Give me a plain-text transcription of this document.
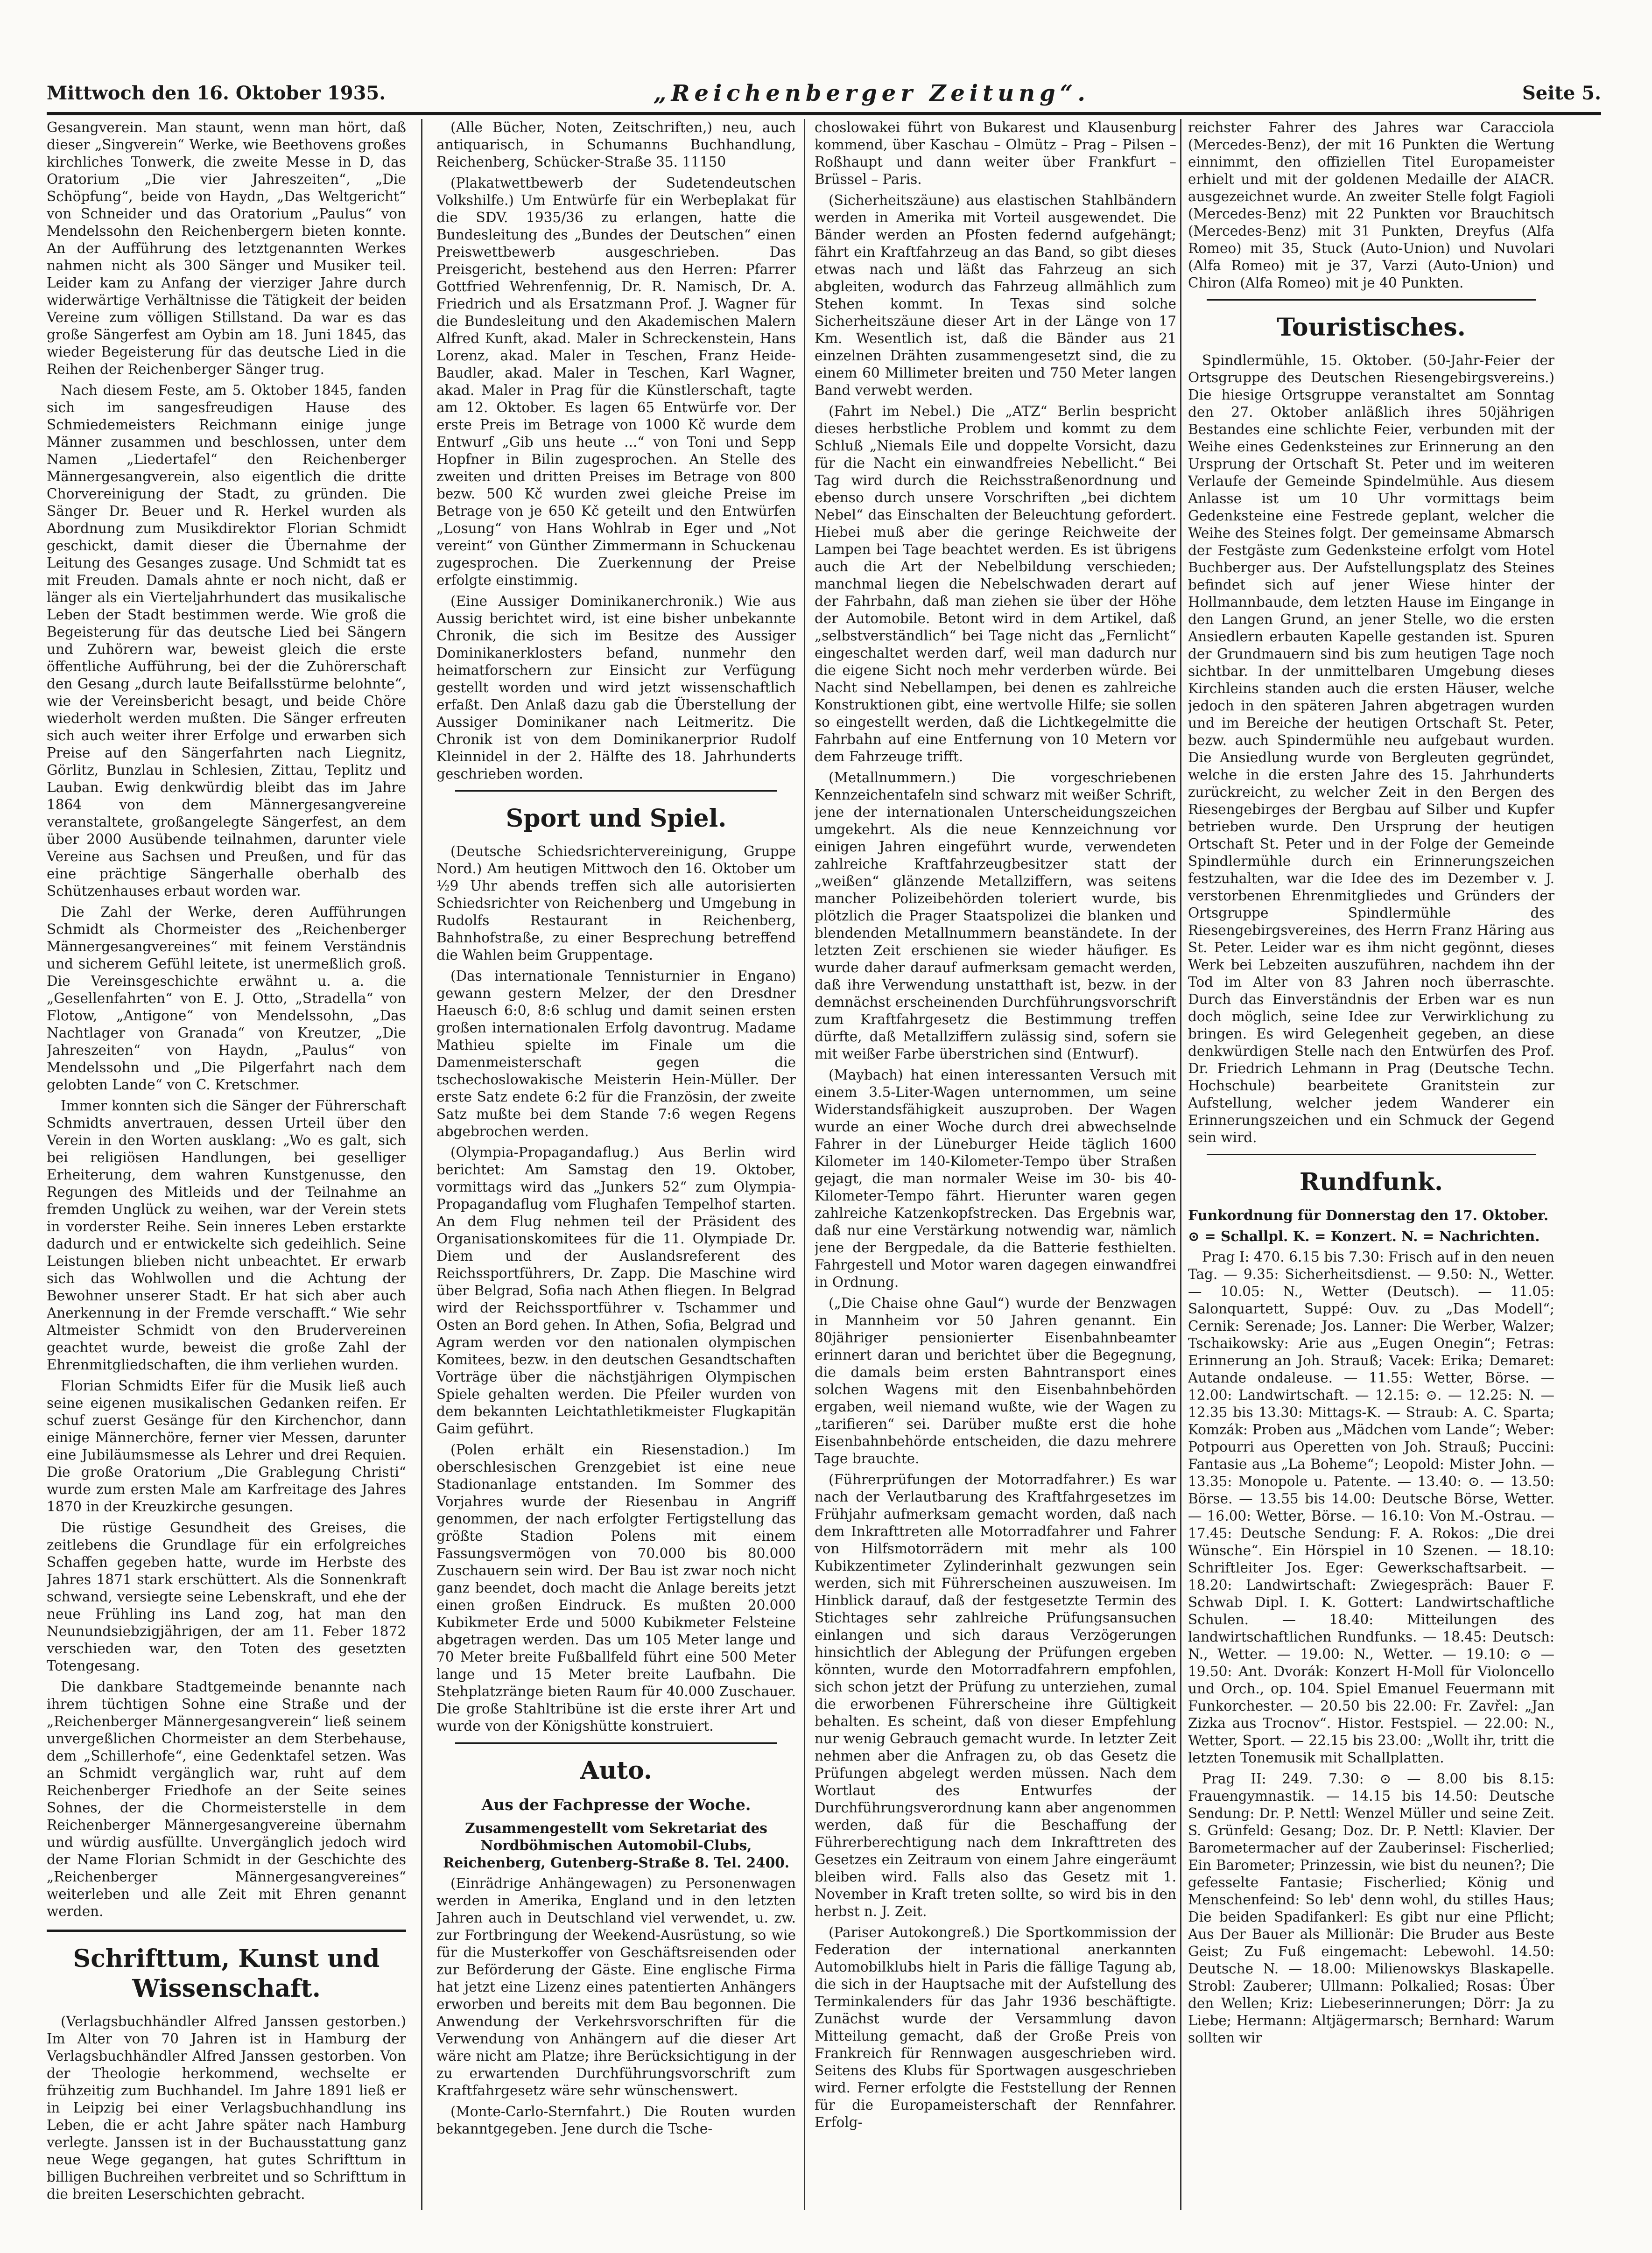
Mittwoch den 16. Oktober 1935.	„Reichenberger Zeitung“.	Seite 5.

Gesangverein. Man staunt, wenn man hört, daß dieser „Singverein“ Werke, wie Beethovens großes kirchliches Tonwerk, die zweite Messe in D, das Oratorium „Die vier Jahreszeiten“, „Die Schöpfung“, beide von Haydn, „Das Weltgericht“ von Schneider und das Oratorium „Paulus“ von Mendelssohn den Reichenbergern bieten konnte. An der Aufführung des letztgenannten Werkes nahmen nicht als 300 Sänger und Musiker teil. Leider kam zu Anfang der vierziger Jahre durch widerwärtige Verhältnisse die Tätigkeit der beiden Vereine zum völligen Stillstand. Da war es das große Sängerfest am Oybin am 18. Juni 1845, das wieder Begeisterung für das deutsche Lied in die Reihen der Reichenberger Sänger trug.

Nach diesem Feste, am 5. Oktober 1845, fanden sich im sangesfreudigen Hause des Schmiedemeisters Reichmann einige junge Männer zusammen und beschlossen, unter dem Namen „Liedertafel“ den Reichenberger Männergesangverein, also eigentlich die dritte Chorvereinigung der Stadt, zu gründen. Die Sänger Dr. Beuer und R. Herkel wurden als Abordnung zum Musikdirektor Florian Schmidt geschickt, damit dieser die Übernahme der Leitung des Gesanges zusage. Und Schmidt tat es mit Freuden. Damals ahnte er noch nicht, daß er länger als ein Vierteljahrhundert das musikalische Leben der Stadt bestimmen werde. Wie groß die Begeisterung für das deutsche Lied bei Sängern und Zuhörern war, beweist gleich die erste öffentliche Aufführung, bei der die Zuhörerschaft den Gesang „durch laute Beifallsstürme belohnte“, wie der Vereinsbericht besagt, und beide Chöre wiederholt werden mußten. Die Sänger erfreuten sich auch weiter ihrer Erfolge und erwarben sich Preise auf den Sängerfahrten nach Liegnitz, Görlitz, Bunzlau in Schlesien, Zittau, Teplitz und Lauban. Ewig denkwürdig bleibt das im Jahre 1864 von dem Männergesangvereine veranstaltete, großangelegte Sängerfest, an dem über 2000 Ausübende teilnahmen, darunter viele Vereine aus Sachsen und Preußen, und für das eine prächtige Sängerhalle oberhalb des Schützenhauses erbaut worden war.

Die Zahl der Werke, deren Aufführungen Schmidt als Chormeister des „Reichenberger Männergesangvereines“ mit feinem Verständnis und sicherem Gefühl leitete, ist unermeßlich groß. Die Vereinsgeschichte erwähnt u. a. die „Gesellenfahrten“ von E. J. Otto, „Stradella“ von Flotow, „Antigone“ von Mendelssohn, „Das Nachtlager von Granada“ von Kreutzer, „Die Jahreszeiten“ von Haydn, „Paulus“ von Mendelssohn und „Die Pilgerfahrt nach dem gelobten Lande“ von C. Kretschmer.

Immer konnten sich die Sänger der Führerschaft Schmidts anvertrauen, dessen Urteil über den Verein in den Worten ausklang: „Wo es galt, sich bei religiösen Handlungen, bei geselliger Erheiterung, dem wahren Kunstgenusse, den Regungen des Mitleids und der Teilnahme an fremden Unglück zu weihen, war der Verein stets in vorderster Reihe. Sein inneres Leben erstarkte dadurch und er entwickelte sich gedeihlich. Seine Leistungen blieben nicht unbeachtet. Er erwarb sich das Wohlwollen und die Achtung der Bewohner unserer Stadt. Er hat sich aber auch Anerkennung in der Fremde verschafft.“ Wie sehr Altmeister Schmidt von den Brudervereinen geachtet wurde, beweist die große Zahl der Ehrenmitgliedschaften, die ihm verliehen wurden.

Florian Schmidts Eifer für die Musik ließ auch seine eigenen musikalischen Gedanken reifen. Er schuf zuerst Gesänge für den Kirchenchor, dann einige Männerchöre, ferner vier Messen, darunter eine Jubiläumsmesse als Lehrer und drei Requien. Die große Oratorium „Die Grablegung Christi“ wurde zum ersten Male am Karfreitage des Jahres 1870 in der Kreuzkirche gesungen.

Die rüstige Gesundheit des Greises, die zeitlebens die Grundlage für ein erfolgreiches Schaffen gegeben hatte, wurde im Herbste des Jahres 1871 stark erschüttert. Als die Sonnenkraft schwand, versiegte seine Lebenskraft, und ehe der neue Frühling ins Land zog, hat man den Neunundsiebzigjährigen, der am 11. Feber 1872 verschieden war, den Toten des gesetzten Totengesang.

Die dankbare Stadtgemeinde benannte nach ihrem tüchtigen Sohne eine Straße und der „Reichenberger Männergesangverein“ ließ seinem unvergeßlichen Chormeister an dem Sterbehause, dem „Schillerhofe“, eine Gedenktafel setzen. Was an Schmidt vergänglich war, ruht auf dem Reichenberger Friedhofe an der Seite seines Sohnes, der die Chormeisterstelle in dem Reichenberger Männergesangvereine übernahm und würdig ausfüllte. Unvergänglich jedoch wird der Name Florian Schmidt in der Geschichte des „Reichenberger Männergesangvereines“ weiterleben und alle Zeit mit Ehren genannt werden.

Schrifttum, Kunst und Wissenschaft.

(Verlagsbuchhändler Alfred Janssen gestorben.) Im Alter von 70 Jahren ist in Hamburg der Verlagsbuchhändler Alfred Janssen gestorben. Von der Theologie herkommend, wechselte er frühzeitig zum Buchhandel. Im Jahre 1891 ließ er in Leipzig bei einer Verlagsbuchhandlung ins Leben, die er acht Jahre später nach Hamburg verlegte. Janssen ist in der Buchausstattung ganz neue Wege gegangen, hat gutes Schrifttum in billigen Buchreihen verbreitet und so Schrifttum in die breiten Leserschichten gebracht.

(Alle Bücher, Noten, Zeitschriften,) neu, auch antiquarisch, in Schumanns Buchhandlung, Reichenberg, Schücker-Straße 35. 11150

(Plakatwettbewerb der Sudetendeutschen Volkshilfe.) Um Entwürfe für ein Werbeplakat für die SDV. 1935/36 zu erlangen, hatte die Bundesleitung des „Bundes der Deutschen“ einen Preiswettbewerb ausgeschrieben. Das Preisgericht, bestehend aus den Herren: Pfarrer Gottfried Wehrenfennig, Dr. R. Namisch, Dr. A. Friedrich und als Ersatzmann Prof. J. Wagner für die Bundesleitung und den Akademischen Malern Alfred Kunft, akad. Maler in Schreckenstein, Hans Lorenz, akad. Maler in Teschen, Franz Heide-Baudler, akad. Maler in Teschen, Karl Wagner, akad. Maler in Prag für die Künstlerschaft, tagte am 12. Oktober. Es lagen 65 Entwürfe vor. Der erste Preis im Betrage von 1000 Kč wurde dem Entwurf „Gib uns heute ...“ von Toni und Sepp Hopfner in Bilin zugesprochen. An Stelle des zweiten und dritten Preises im Betrage von 800 bezw. 500 Kč wurden zwei gleiche Preise im Betrage von je 650 Kč geteilt und den Entwürfen „Losung“ von Hans Wohlrab in Eger und „Not vereint“ von Günther Zimmermann in Schuckenau zugesprochen. Die Zuerkennung der Preise erfolgte einstimmig.

(Eine Aussiger Dominikanerchronik.) Wie aus Aussig berichtet wird, ist eine bisher unbekannte Chronik, die sich im Besitze des Aussiger Dominikanerklosters befand, nunmehr den heimatforschern zur Einsicht zur Verfügung gestellt worden und wird jetzt wissenschaftlich erfaßt. Den Anlaß dazu gab die Überstellung der Aussiger Dominikaner nach Leitmeritz. Die Chronik ist von dem Dominikanerprior Rudolf Kleinnidel in der 2. Hälfte des 18. Jahrhunderts geschrieben worden.

Sport und Spiel.

(Deutsche Schiedsrichtervereinigung, Gruppe Nord.) Am heutigen Mittwoch den 16. Oktober um ½9 Uhr abends treffen sich alle autorisierten Schiedsrichter von Reichenberg und Umgebung in Rudolfs Restaurant in Reichenberg, Bahnhofstraße, zu einer Besprechung betreffend die Wahlen beim Gruppentage.

(Das internationale Tennisturnier in Engano) gewann gestern Melzer, der den Dresdner Haeusch 6:0, 8:6 schlug und damit seinen ersten großen internationalen Erfolg davontrug. Madame Mathieu spielte im Finale um die Damenmeisterschaft gegen die tschechoslowakische Meisterin Hein-Müller. Der erste Satz endete 6:2 für die Französin, der zweite Satz mußte bei dem Stande 7:6 wegen Regens abgebrochen werden.

(Olympia-Propagandaflug.) Aus Berlin wird berichtet: Am Samstag den 19. Oktober, vormittags wird das „Junkers 52“ zum Olympia-Propagandaflug vom Flughafen Tempelhof starten. An dem Flug nehmen teil der Präsident des Organisationskomitees für die 11. Olympiade Dr. Diem und der Auslandsreferent des Reichssportführers, Dr. Zapp. Die Maschine wird über Belgrad, Sofia nach Athen fliegen. In Belgrad wird der Reichssportführer v. Tschammer und Osten an Bord gehen. In Athen, Sofia, Belgrad und Agram werden vor den nationalen olympischen Komitees, bezw. in den deutschen Gesandtschaften Vorträge über die nächstjährigen Olympischen Spiele gehalten werden. Die Pfeiler wurden von dem bekannten Leichtathletikmeister Flugkapitän Gaim geführt.

(Polen erhält ein Riesenstadion.) Im oberschlesischen Grenzgebiet ist eine neue Stadionanlage entstanden. Im Sommer des Vorjahres wurde der Riesenbau in Angriff genommen, der nach erfolgter Fertigstellung das größte Stadion Polens mit einem Fassungsvermögen von 70.000 bis 80.000 Zuschauern sein wird. Der Bau ist zwar noch nicht ganz beendet, doch macht die Anlage bereits jetzt einen großen Eindruck. Es mußten 20.000 Kubikmeter Erde und 5000 Kubikmeter Felsteine abgetragen werden. Das um 105 Meter lange und 70 Meter breite Fußballfeld führt eine 500 Meter lange und 15 Meter breite Laufbahn. Die Stehplatzränge bieten Raum für 40.000 Zuschauer. Die große Stahltribüne ist die erste ihrer Art und wurde von der Königshütte konstruiert.

Auto.
Aus der Fachpresse der Woche.

Zusammengestellt vom Sekretariat des Nordböhmischen Automobil-Clubs, Reichenberg, Gutenberg-Straße 8. Tel. 2400.

(Einrädrige Anhängewagen) zu Personenwagen werden in Amerika, England und in den letzten Jahren auch in Deutschland viel verwendet, u. zw. zur Fortbringung der Weekend-Ausrüstung, so wie für die Musterkoffer von Geschäftsreisenden oder zur Beförderung der Gäste. Eine englische Firma hat jetzt eine Lizenz eines patentierten Anhängers erworben und bereits mit dem Bau begonnen. Die Anwendung der Verkehrsvorschriften für die Verwendung von Anhängern auf die dieser Art wäre nicht am Platze; ihre Berücksichtigung in der zu erwartenden Durchführungsvorschrift zum Kraftfahrgesetz wäre sehr wünschenswert.

(Monte-Carlo-Sternfahrt.) Die Routen wurden bekanntgegeben. Jene durch die Tsche-

choslowakei führt von Bukarest und Klausenburg kommend, über Kaschau – Olmütz – Prag – Pilsen – Roßhaupt und dann weiter über Frankfurt – Brüssel – Paris.

(Sicherheitszäune) aus elastischen Stahlbändern werden in Amerika mit Vorteil ausgewendet. Die Bänder werden an Pfosten federnd aufgehängt; fährt ein Kraftfahrzeug an das Band, so gibt dieses etwas nach und läßt das Fahrzeug an sich abgleiten, wodurch das Fahrzeug allmählich zum Stehen kommt. In Texas sind solche Sicherheitszäune dieser Art in der Länge von 17 Km. Wesentlich ist, daß die Bänder aus 21 einzelnen Drähten zusammengesetzt sind, die zu einem 60 Millimeter breiten und 750 Meter langen Band verwebt werden.

(Fahrt im Nebel.) Die „ATZ“ Berlin bespricht dieses herbstliche Problem und kommt zu dem Schluß „Niemals Eile und doppelte Vorsicht, dazu für die Nacht ein einwandfreies Nebellicht.“ Bei Tag wird durch die Reichsstraßenordnung und ebenso durch unsere Vorschriften „bei dichtem Nebel“ das Einschalten der Beleuchtung gefordert. Hiebei muß aber die geringe Reichweite der Lampen bei Tage beachtet werden. Es ist übrigens auch die Art der Nebelbildung verschieden; manchmal liegen die Nebelschwaden derart auf der Fahrbahn, daß man ziehen sie über der Höhe der Automobile. Betont wird in dem Artikel, daß „selbstverständlich“ bei Tage nicht das „Fernlicht“ eingeschaltet werden darf, weil man dadurch nur die eigene Sicht noch mehr verderben würde. Bei Nacht sind Nebellampen, bei denen es zahlreiche Konstruktionen gibt, eine wertvolle Hilfe; sie sollen so eingestellt werden, daß die Lichtkegelmitte die Fahrbahn auf eine Entfernung von 10 Metern vor dem Fahrzeuge trifft.

(Metallnummern.) Die vorgeschriebenen Kennzeichentafeln sind schwarz mit weißer Schrift, jene der internationalen Unterscheidungszeichen umgekehrt. Als die neue Kennzeichnung vor einigen Jahren eingeführt wurde, verwendeten zahlreiche Kraftfahrzeugbesitzer statt der „weißen“ glänzende Metallziffern, was seitens mancher Polizeibehörden toleriert wurde, bis plötzlich die Prager Staatspolizei die blanken und blendenden Metallnummern beanständete. In der letzten Zeit erschienen sie wieder häufiger. Es wurde daher darauf aufmerksam gemacht werden, daß ihre Verwendung unstatthaft ist, bezw. in der demnächst erscheinenden Durchführungsvorschrift zum Kraftfahrgesetz die Bestimmung treffen dürfte, daß Metallziffern zulässig sind, sofern sie mit weißer Farbe überstrichen sind (Entwurf).

(Maybach) hat einen interessanten Versuch mit einem 3.5-Liter-Wagen unternommen, um seine Widerstandsfähigkeit auszuproben. Der Wagen wurde an einer Woche durch drei abwechselnde Fahrer in der Lüneburger Heide täglich 1600 Kilometer im 140-Kilometer-Tempo über Straßen gejagt, die man normaler Weise im 30- bis 40-Kilometer-Tempo fährt. Hierunter waren gegen zahlreiche Katzenkopfstrecken. Das Ergebnis war, daß nur eine Verstärkung notwendig war, nämlich jene der Bergpedale, da die Batterie festhielten. Fahrgestell und Motor waren dagegen einwandfrei in Ordnung.

(„Die Chaise ohne Gaul“) wurde der Benzwagen in Mannheim vor 50 Jahren genannt. Ein 80jähriger pensionierter Eisenbahnbeamter erinnert daran und berichtet über die Begegnung, die damals beim ersten Bahntransport eines solchen Wagens mit den Eisenbahnbehörden ergaben, weil niemand wußte, wie der Wagen zu „tarifieren“ sei. Darüber mußte erst die hohe Eisenbahnbehörde entscheiden, die dazu mehrere Tage brauchte.

(Führerprüfungen der Motorradfahrer.) Es war nach der Verlautbarung des Kraftfahrgesetzes im Frühjahr aufmerksam gemacht worden, daß nach dem Inkrafttreten alle Motorradfahrer und Fahrer von Hilfsmotorrädern mit mehr als 100 Kubikzentimeter Zylinderinhalt gezwungen sein werden, sich mit Führerscheinen auszuweisen. Im Hinblick darauf, daß der festgesetzte Termin des Stichtages sehr zahlreiche Prüfungsansuchen einlangen und sich daraus Verzögerungen hinsichtlich der Ablegung der Prüfungen ergeben könnten, wurde den Motorradfahrern empfohlen, sich schon jetzt der Prüfung zu unterziehen, zumal die erworbenen Führerscheine ihre Gültigkeit behalten. Es scheint, daß von dieser Empfehlung nur wenig Gebrauch gemacht wurde. In letzter Zeit nehmen aber die Anfragen zu, ob das Gesetz die Prüfungen abgelegt werden müssen. Nach dem Wortlaut des Entwurfes der Durchführungsverordnung kann aber angenommen werden, daß für die Beschaffung der Führerberechtigung nach dem Inkrafttreten des Gesetzes ein Zeitraum von einem Jahre eingeräumt bleiben wird. Falls also das Gesetz mit 1. November in Kraft treten sollte, so wird bis in den herbst n. J. Zeit.

(Pariser Autokongreß.) Die Sportkommission der Federation der international anerkannten Automobilklubs hielt in Paris die fällige Tagung ab, die sich in der Hauptsache mit der Aufstellung des Terminkalenders für das Jahr 1936 beschäftigte. Zunächst wurde der Versammlung davon Mitteilung gemacht, daß der Große Preis von Frankreich für Rennwagen ausgeschrieben wird. Seitens des Klubs für Sportwagen ausgeschrieben wird. Ferner erfolgte die Feststellung der Rennen für die Europameisterschaft der Rennfahrer. Erfolg-

reichster Fahrer des Jahres war Caracciola (Mercedes-Benz), der mit 16 Punkten die Wertung einnimmt, den offiziellen Titel Europameister erhielt und mit der goldenen Medaille der AIACR. ausgezeichnet wurde. An zweiter Stelle folgt Fagioli (Mercedes-Benz) mit 22 Punkten vor Brauchitsch (Mercedes-Benz) mit 31 Punkten, Dreyfus (Alfa Romeo) mit 35, Stuck (Auto-Union) und Nuvolari (Alfa Romeo) mit je 37, Varzi (Auto-Union) und Chiron (Alfa Romeo) mit je 40 Punkten.

Touristisches.

Spindlermühle, 15. Oktober. (50-Jahr-Feier der Ortsgruppe des Deutschen Riesengebirgsvereins.) Die hiesige Ortsgruppe veranstaltet am Sonntag den 27. Oktober anläßlich ihres 50jährigen Bestandes eine schlichte Feier, verbunden mit der Weihe eines Gedenksteines zur Erinnerung an den Ursprung der Ortschaft St. Peter und im weiteren Verlaufe der Gemeinde Spindelmühle. Aus diesem Anlasse ist um 10 Uhr vormittags beim Gedenksteine eine Festrede geplant, welcher die Weihe des Steines folgt. Der gemeinsame Abmarsch der Festgäste zum Gedenksteine erfolgt vom Hotel Buchberger aus. Der Aufstellungsplatz des Steines befindet sich auf jener Wiese hinter der Hollmannbaude, dem letzten Hause im Eingange in den Langen Grund, an jener Stelle, wo die ersten Ansiedlern erbauten Kapelle gestanden ist. Spuren der Grundmauern sind bis zum heutigen Tage noch sichtbar. In der unmittelbaren Umgebung dieses Kirchleins standen auch die ersten Häuser, welche jedoch in den späteren Jahren abgetragen wurden und im Bereiche der heutigen Ortschaft St. Peter, bezw. auch Spindermühle neu aufgebaut wurden. Die Ansiedlung wurde von Bergleuten gegründet, welche in die ersten Jahre des 15. Jahrhunderts zurückreicht, zu welcher Zeit in den Bergen des Riesengebirges der Bergbau auf Silber und Kupfer betrieben wurde. Den Ursprung der heutigen Ortschaft St. Peter und in der Folge der Gemeinde Spindlermühle durch ein Erinnerungszeichen festzuhalten, war die Idee des im Dezember v. J. verstorbenen Ehrenmitgliedes und Gründers der Ortsgruppe Spindlermühle des Riesengebirgsvereines, des Herrn Franz Häring aus St. Peter. Leider war es ihm nicht gegönnt, dieses Werk bei Lebzeiten auszuführen, nachdem ihn der Tod im Alter von 83 Jahren noch überraschte. Durch das Einverständnis der Erben war es nun doch möglich, seine Idee zur Verwirklichung zu bringen. Es wird Gelegenheit gegeben, an diese denkwürdigen Stelle nach den Entwürfen des Prof. Dr. Friedrich Lehmann in Prag (Deutsche Techn. Hochschule) bearbeitete Granitstein zur Aufstellung, welcher jedem Wanderer ein Erinnerungszeichen und ein Schmuck der Gegend sein wird.

Rundfunk.

Funkordnung für Donnerstag den 17. Oktober.

⊙ = Schallpl. K. = Konzert. N. = Nachrichten.

Prag I: 470. 6.15 bis 7.30: Frisch auf in den neuen Tag. — 9.35: Sicherheitsdienst. — 9.50: N., Wetter. — 10.05: N., Wetter (Deutsch). — 11.05: Salonquartett, Suppé: Ouv. zu „Das Modell“; Cernik: Serenade; Jos. Lanner: Die Werber, Walzer; Tschaikowsky: Arie aus „Eugen Onegin“; Fetras: Erinnerung an Joh. Strauß; Vacek: Erika; Demaret: Autande ondaleuse. — 11.55: Wetter, Börse. — 12.00: Landwirtschaft. — 12.15: ⊙. — 12.25: N. — 12.35 bis 13.30: Mittags-K. — Straub: A. C. Sparta; Komzák: Proben aus „Mädchen vom Lande“; Weber: Potpourri aus Operetten von Joh. Strauß; Puccini: Fantasie aus „La Boheme“; Leopold: Mister John. — 13.35: Monopole u. Patente. — 13.40: ⊙. — 13.50: Börse. — 13.55 bis 14.00: Deutsche Börse, Wetter. — 16.00: Wetter, Börse. — 16.10: Von M.-Ostrau. — 17.45: Deutsche Sendung: F. A. Rokos: „Die drei Wünsche“. Ein Hörspiel in 10 Szenen. — 18.10: Schriftleiter Jos. Eger: Gewerkschaftsarbeit. — 18.20: Landwirtschaft: Zwiegespräch: Bauer F. Schwab Dipl. I. K. Gottert: Landwirtschaftliche Schulen. — 18.40: Mitteilungen des landwirtschaftlichen Rundfunks. — 18.45: Deutsch: N., Wetter. — 19.00: N., Wetter. — 19.10: ⊙ — 19.50: Ant. Dvorák: Konzert H-Moll für Violoncello und Orch., op. 104. Spiel Emanuel Feuermann mit Funkorchester. — 20.50 bis 22.00: Fr. Zavřel: „Jan Zizka aus Trocnov“. Histor. Festspiel. — 22.00: N., Wetter, Sport. — 22.15 bis 23.00: „Wollt ihr, tritt die letzten Tonemusik mit Schallplatten.

Prag II: 249. 7.30: ⊙ — 8.00 bis 8.15: Frauengymnastik. — 14.15 bis 14.50: Deutsche Sendung: Dr. P. Nettl: Wenzel Müller und seine Zeit. S. Grünfeld: Gesang; Doz. Dr. P. Nettl: Klavier. Der Barometermacher auf der Zauberinsel: Fischerlied; Ein Barometer; Prinzessin, wie bist du neunen?; Die gefesselte Fantasie; Fischerlied; König und Menschenfeind: So leb' denn wohl, du stilles Haus; Die beiden Spadifankerl: Es gibt nur eine Pflicht; Aus Der Bauer als Millionär: Die Bruder aus Beste Geist; Zu Fuß eingemacht: Lebewohl. 14.50: Deutsche N. — 18.00: Milienowskys Blaskapelle. Strobl: Zauberer; Ullmann: Polkalied; Rosas: Über den Wellen; Kriz: Liebeserinnerungen; Dörr: Ja zu Liebe; Hermann: Altjägermarsch; Bernhard: Warum sollten wir
